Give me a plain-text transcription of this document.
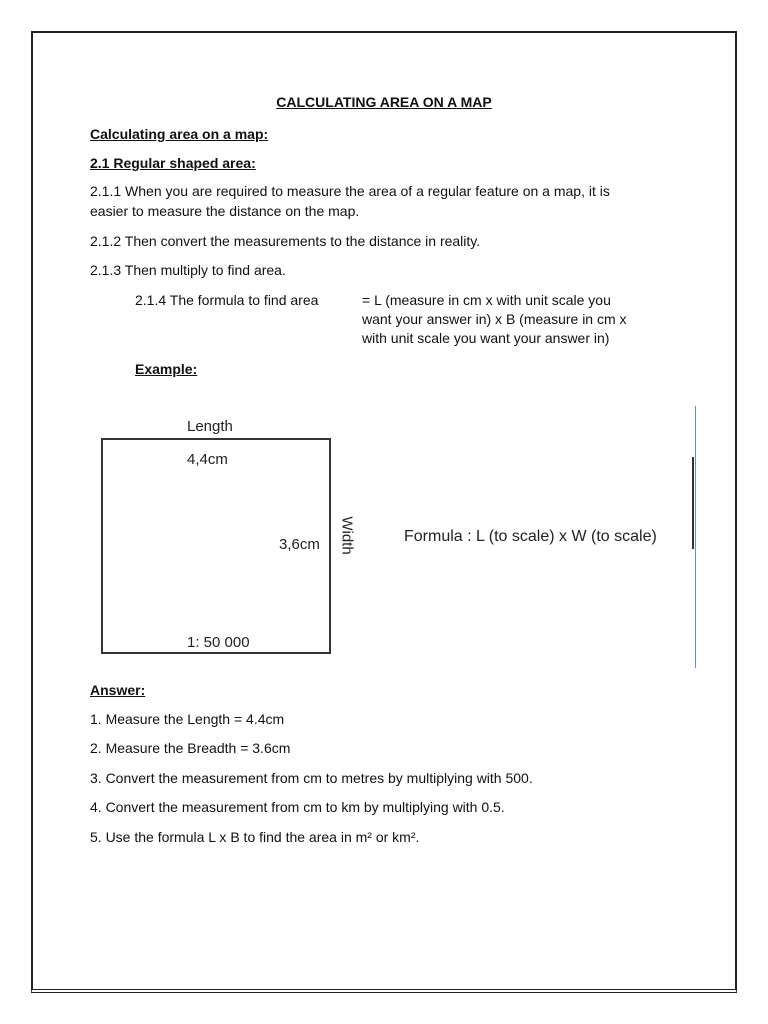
CALCULATING AREA ON A MAP
Calculating area on a map:
2.1 Regular shaped area:
2.1.1 When you are required to measure the area of a regular feature on a map, it is
easier to measure the distance on the map.
2.1.2 Then convert the measurements to the distance in reality.
2.1.3 Then multiply to find area.
2.1.4 The formula to find area	= L (measure in cm x with unit scale you
want your answer in) x B (measure in cm x
with unit scale you want your answer in)
Example:
Length
4,4cm
3,6cm Width
1: 50 000
Formula : L (to scale) x W (to scale)
Answer:
1. Measure the Length = 4.4cm
2. Measure the Breadth = 3.6cm
3. Convert the measurement from cm to metres by multiplying with 500.
4. Convert the measurement from cm to km by multiplying with 0.5.
5. Use the formula L x B to find the area in m² or km².
